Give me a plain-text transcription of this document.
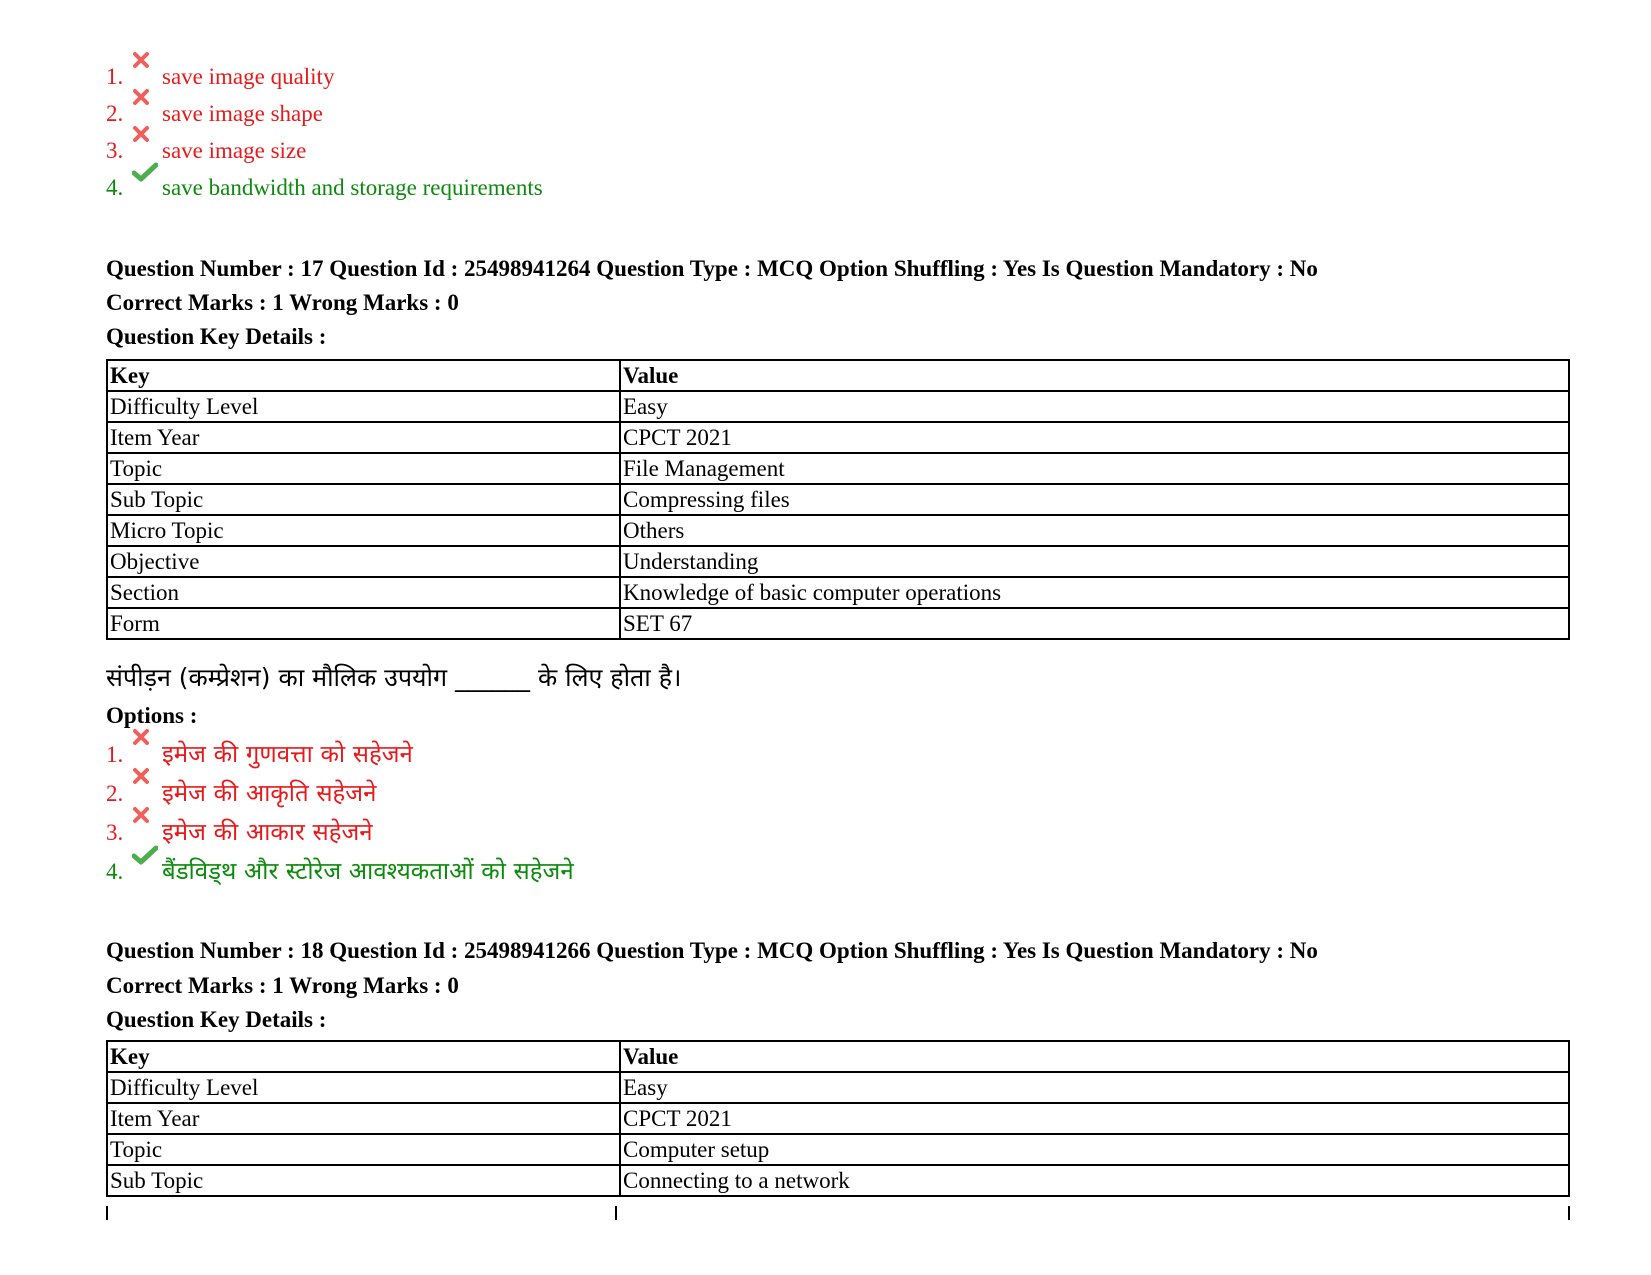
1. save image quality
2. save image shape
3. save image size
4. save bandwidth and storage requirements
Question Number : 17 Question Id : 25498941264 Question Type : MCQ Option Shuffling : Yes Is Question Mandatory : No
Correct Marks : 1 Wrong Marks : 0
Question Key Details :
Key	Value
Difficulty Level	Easy
Item Year	CPCT 2021
Topic	File Management
Sub Topic	Compressing files
Micro Topic	Others
Objective	Understanding
Section	Knowledge of basic computer operations
Form	SET 67
संपीड़न (कम्प्रेशन) का मौलिक उपयोग ______ के लिए होता है।
Options :
1. इमेज की गुणवत्ता को सहेजने
2. इमेज की आकृति सहेजने
3. इमेज की आकार सहेजने
4. बैंडविड्थ और स्टोरेज आवश्यकताओं को सहेजने
Question Number : 18 Question Id : 25498941266 Question Type : MCQ Option Shuffling : Yes Is Question Mandatory : No
Correct Marks : 1 Wrong Marks : 0
Question Key Details :
Key	Value
Difficulty Level	Easy
Item Year	CPCT 2021
Topic	Computer setup
Sub Topic	Connecting to a network
